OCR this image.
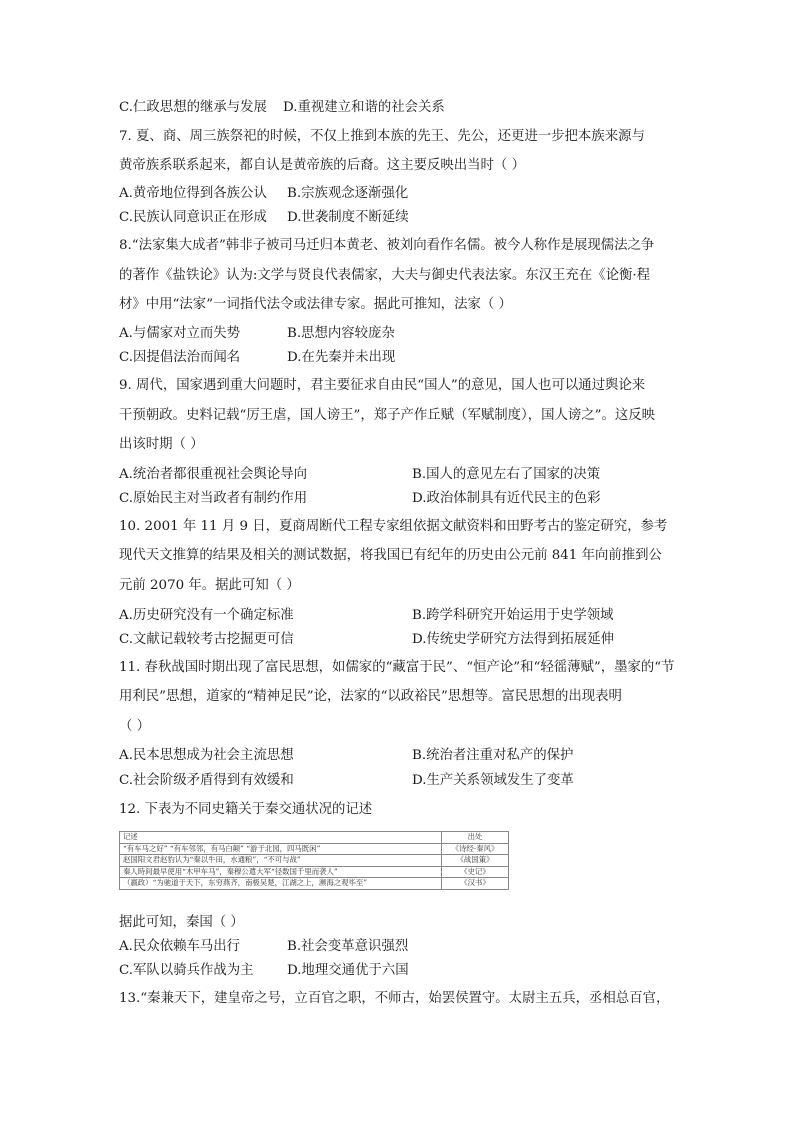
C.仁政思想的继承与发展 D.重视建立和谐的社会关系
7. 夏、商、周三族祭祀的时候，不仅上推到本族的先王、先公，还更进一步把本族来源与
黄帝族系联系起来，都自认是黄帝族的后裔。这主要反映出当时（ ）
A.黄帝地位得到各族公认 B.宗族观念逐渐强化
C.民族认同意识正在形成 D.世袭制度不断延续
8.“法家集大成者”韩非子被司马迁归本黄老、被刘向看作名儒。被今人称作是展现儒法之争
的著作《盐铁论》认为:文学与贤良代表儒家，大夫与御史代表法家。东汉王充在《论衡·程
材》中用“法家”一词指代法令或法律专家。据此可推知，法家（ ）
A.与儒家对立而失势	B.思想内容较庞杂
C.因提倡法治而闻名	D.在先秦并未出现
9. 周代，国家遇到重大问题时，君主要征求自由民“国人”的意见，国人也可以通过舆论来
干预朝政。史料记载“厉王虐，国人谤王”，郑子产作丘赋（军赋制度），国人谤之”。这反映
出该时期（ ）
A.统治者都很重视社会舆论导向	B.国人的意见左右了国家的决策
C.原始民主对当政者有制约作用	D.政治体制具有近代民主的色彩
10. 2001 年 11 月 9 日，夏商周断代工程专家组依据文献资料和田野考古的鉴定研究，参考
现代天文推算的结果及相关的测试数据，将我国已有纪年的历史由公元前 841 年向前推到公
元前 2070 年。据此可知（ ）
A.历史研究没有一个确定标准	B.跨学科研究开始运用于史学领域
C.文献记载较考古挖掘更可信	D.传统史学研究方法得到拓展延伸
11. 春秋战国时期出现了富民思想，如儒家的“藏富于民”、“恒产论”和“轻徭薄赋”，墨家的“节
用利民”思想，道家的“精神足民”论，法家的“以政裕民”思想等。富民思想的出现表明
（ ）
A.民本思想成为社会主流思想	B.统治者注重对私产的保护
C.社会阶级矛盾得到有效缓和	D.生产关系领域发生了变革
12. 下表为不同史籍关于秦交通状况的记述
记述	出处
“有车马之好” “有车邻邻，有马白颠” “游于北园，四马既闲”	《诗经·秦风》
赵国阳文君赵豹认为“秦以牛田，水通粮”，“不可与战”	《战国策》
秦人時间最早使用“木甲车马”，秦穆公遣大军“径数国千里而袭人”	《史记》
（嬴政）“为驰道于天下，东穷燕齐，南极吴楚，江湖之上，濒海之观毕至”	《汉书》
据此可知，秦国（ ）
A.民众依赖车马出行	B.社会变革意识强烈
C.军队以骑兵作战为主 D.地理交通优于六国
13.“秦兼天下，建皇帝之号，立百官之职，不师古，始罢侯置守。太尉主五兵，丞相总百官，
